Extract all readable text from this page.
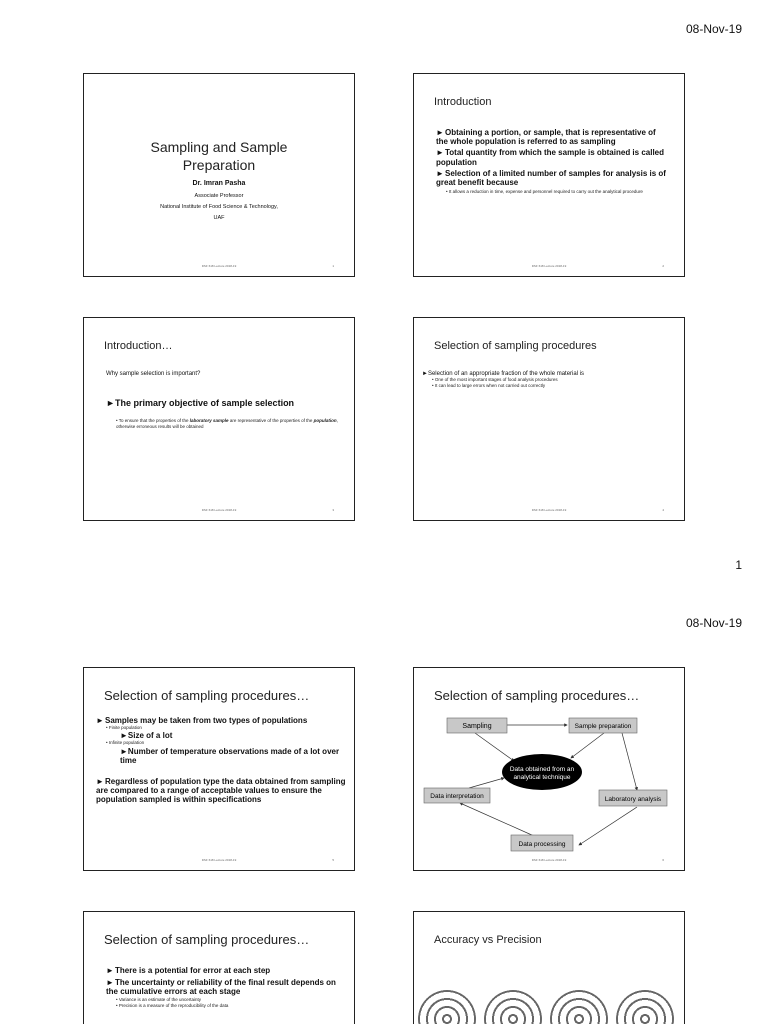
08-Nov-19
Sampling and Sample
Preparation
Dr. Imran Pasha
Associate Professor
National Institute of Food Science & Technology,
UAF
DSF 618 Lecture 2018-19	1
Introduction
►Obtaining a portion, or sample, that is representative of the whole population is referred to as sampling
►Total quantity from which the sample is obtained is called population
►Selection of a limited number of samples for analysis is of great benefit because
• It allows a reduction in time, expense and personnel required to carry out the analytical procedure
DSF 618 Lecture 2018-19	2
Introduction…
Why sample selection is important?
►The primary objective of sample selection
• To ensure that the properties of the laboratory sample are representative of the properties of the population, otherwise erroneous results will be obtained
DSF 618 Lecture 2018-19	3
Selection of sampling procedures
►Selection of an appropriate fraction of the whole material is
• One of the most important stages of food analysis procedures
• It can lead to large errors when not carried out correctly
DSF 618 Lecture 2018-19	4
1
08-Nov-19
Selection of sampling procedures…
►Samples may be taken from two types of populations
• Finite population
►Size of a lot
• Infinite population
►Number of temperature observations made of a lot over time
►Regardless of population type the data obtained from sampling are compared to a range of acceptable values to ensure the population sampled is within specifications
DSF 618 Lecture 2018-19	5
Selection of sampling procedures…
Sampling	Sample preparation
Data obtained from an
analytical technique
Data interpretation	Laboratory analysis
Data processing
DSF 618 Lecture 2018-19	6
Selection of sampling procedures…
►There is a potential for error at each step
►The uncertainty or reliability of the final result depends on the cumulative errors at each stage
• Variance is an estimate of the uncertainty
• Precision is a measure of the reproducibility of the data
Accuracy vs Precision
